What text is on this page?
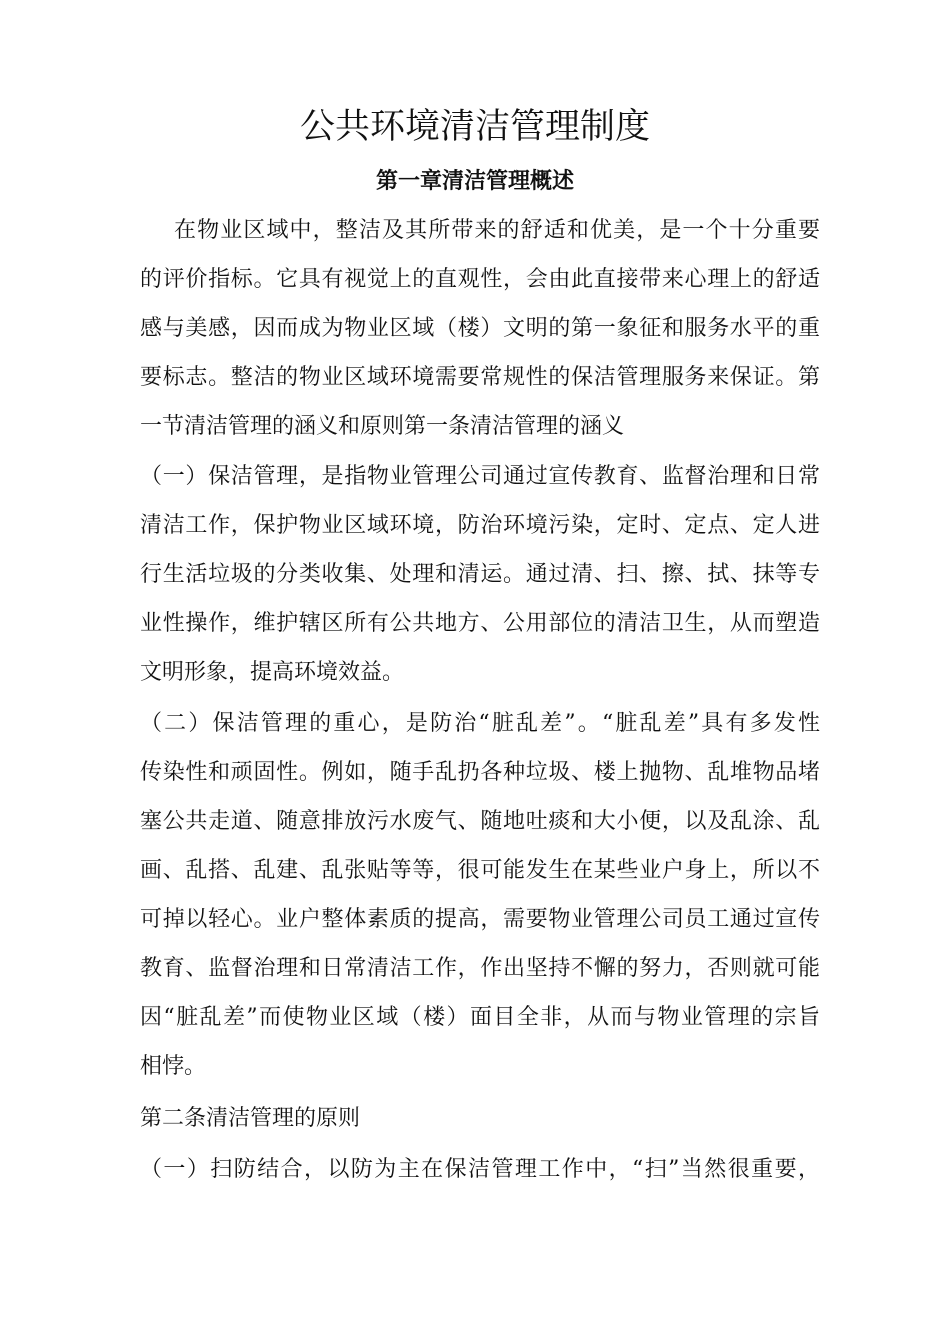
公共环境清洁管理制度
第一章清洁管理概述

在物业区域中，整洁及其所带来的舒适和优美，是一个十分重要

的评价指标。它具有视觉上的直观性，会由此直接带来心理上的舒适

感与美感，因而成为物业区域（楼）文明的第一象征和服务水平的重

要标志。整洁的物业区域环境需要常规性的保洁管理服务来保证。第

一节清洁管理的涵义和原则第一条清洁管理的涵义

（一）保洁管理，是指物业管理公司通过宣传教育、监督治理和日常

清洁工作，保护物业区域环境，防治环境污染，定时、定点、定人进

行生活垃圾的分类收集、处理和清运。通过清、扫、擦、拭、抹等专

业性操作，维护辖区所有公共地方、公用部位的清洁卫生，从而塑造

文明形象，提高环境效益。

（二）保洁管理的重心，是防治“脏乱差”。“脏乱差”具有多发性

传染性和顽固性。例如，随手乱扔各种垃圾、楼上抛物、乱堆物品堵

塞公共走道、随意排放污水废气、随地吐痰和大小便，以及乱涂、乱

画、乱搭、乱建、乱张贴等等，很可能发生在某些业户身上，所以不

可掉以轻心。业户整体素质的提高，需要物业管理公司员工通过宣传

教育、监督治理和日常清洁工作，作出坚持不懈的努力，否则就可能

因“脏乱差”而使物业区域（楼）面目全非，从而与物业管理的宗旨

相悖。

第二条清洁管理的原则

（一）扫防结合，以防为主在保洁管理工作中，“扫”当然很重要，
